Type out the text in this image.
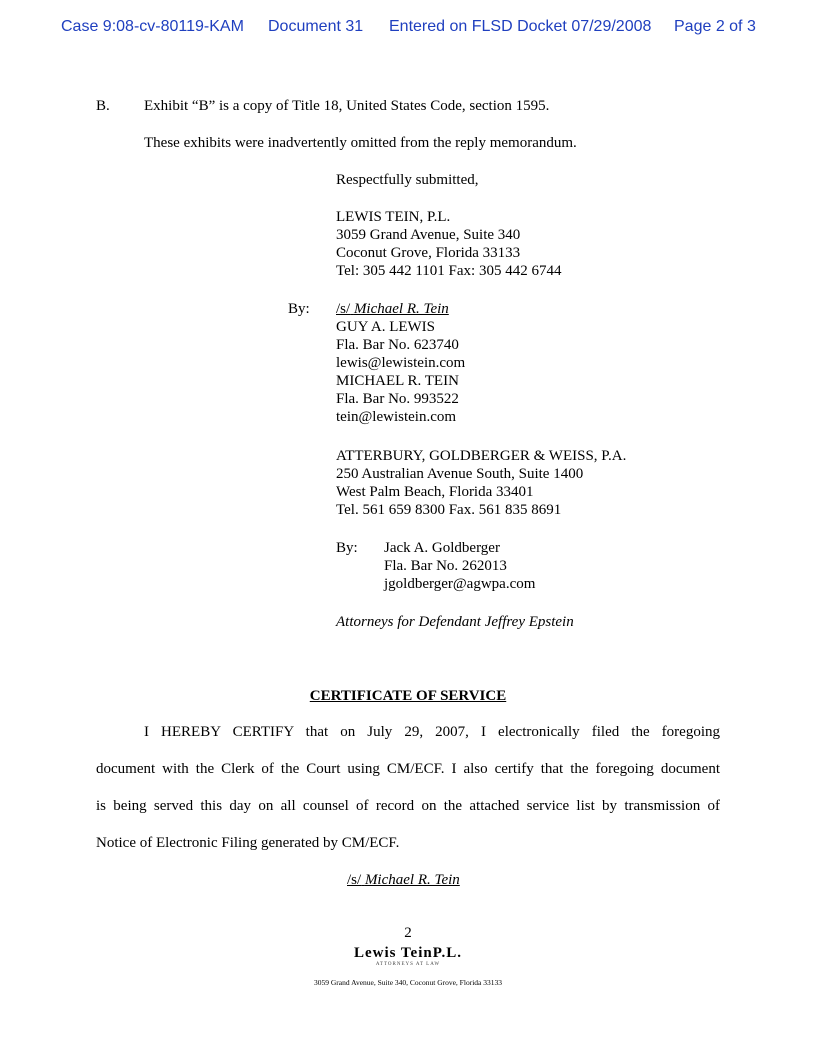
Case 9:08-cv-80119-KAM Document 31 Entered on FLSD Docket 07/29/2008 Page 2 of 3
B. Exhibit “B” is a copy of Title 18, United States Code, section 1595.
These exhibits were inadvertently omitted from the reply memorandum.
Respectfully submitted,
LEWIS TEIN, P.L.
3059 Grand Avenue, Suite 340
Coconut Grove, Florida 33133
Tel: 305 442 1101 Fax: 305 442 6744
By: /s/ Michael R. Tein
GUY A. LEWIS
Fla. Bar No. 623740
lewis@lewistein.com
MICHAEL R. TEIN
Fla. Bar No. 993522
tein@lewistein.com
ATTERBURY, GOLDBERGER & WEISS, P.A.
250 Australian Avenue South, Suite 1400
West Palm Beach, Florida 33401
Tel. 561 659 8300 Fax. 561 835 8691
By: Jack A. Goldberger
Fla. Bar No. 262013
jgoldberger@agwpa.com
Attorneys for Defendant Jeffrey Epstein
CERTIFICATE OF SERVICE
I HEREBY CERTIFY that on July 29, 2007, I electronically filed the foregoing
document with the Clerk of the Court using CM/ECF. I also certify that the foregoing document
is being served this day on all counsel of record on the attached service list by transmission of
Notice of Electronic Filing generated by CM/ECF.
/s/ Michael R. Tein
2
Lewis TeinP.L.
ATTORNEYS AT LAW
3059 Grand Avenue, Suite 340, Coconut Grove, Florida 33133
